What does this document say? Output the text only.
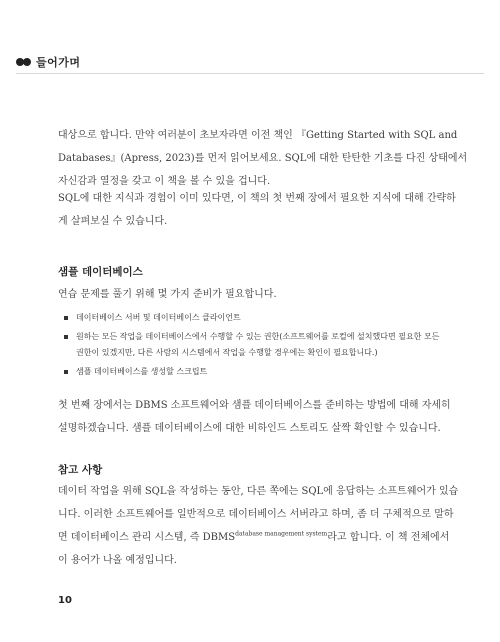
들어가며

대상으로 합니다. 만약 여러분이 초보자라면 이전 책인 『Getting Started with SQL and
Databases』(Apress, 2023)를 먼저 읽어보세요. SQL에 대한 탄탄한 기초를 다진 상태에서
자신감과 열정을 갖고 이 책을 볼 수 있을 겁니다.

SQL에 대한 지식과 경험이 이미 있다면, 이 책의 첫 번째 장에서 필요한 지식에 대해 간략하
게 살펴보실 수 있습니다.

샘플 데이터베이스

연습 문제를 풀기 위해 몇 가지 준비가 필요합니다.

데이터베이스 서버 및 데이터베이스 클라이언트
원하는 모든 작업을 데이터베이스에서 수행할 수 있는 권한(소프트웨어를 로컬에 설치했다면 필요한 모든
권한이 있겠지만, 다른 사람의 시스템에서 작업을 수행할 경우에는 확인이 필요합니다.)
샘플 데이터베이스를 생성할 스크립트

첫 번째 장에서는 DBMS 소프트웨어와 샘플 데이터베이스를 준비하는 방법에 대해 자세히
설명하겠습니다. 샘플 데이터베이스에 대한 비하인드 스토리도 살짝 확인할 수 있습니다.

참고 사항

데이터 작업을 위해 SQL을 작성하는 동안, 다른 쪽에는 SQL에 응답하는 소프트웨어가 있습
니다. 이러한 소프트웨어를 일반적으로 데이터베이스 서버라고 하며, 좀 더 구체적으로 말하
면 데이터베이스 관리 시스템, 즉 $DBMS^{database management system}$라고 합니다. 이 책 전체에서
이 용어가 나올 예정입니다.

10
